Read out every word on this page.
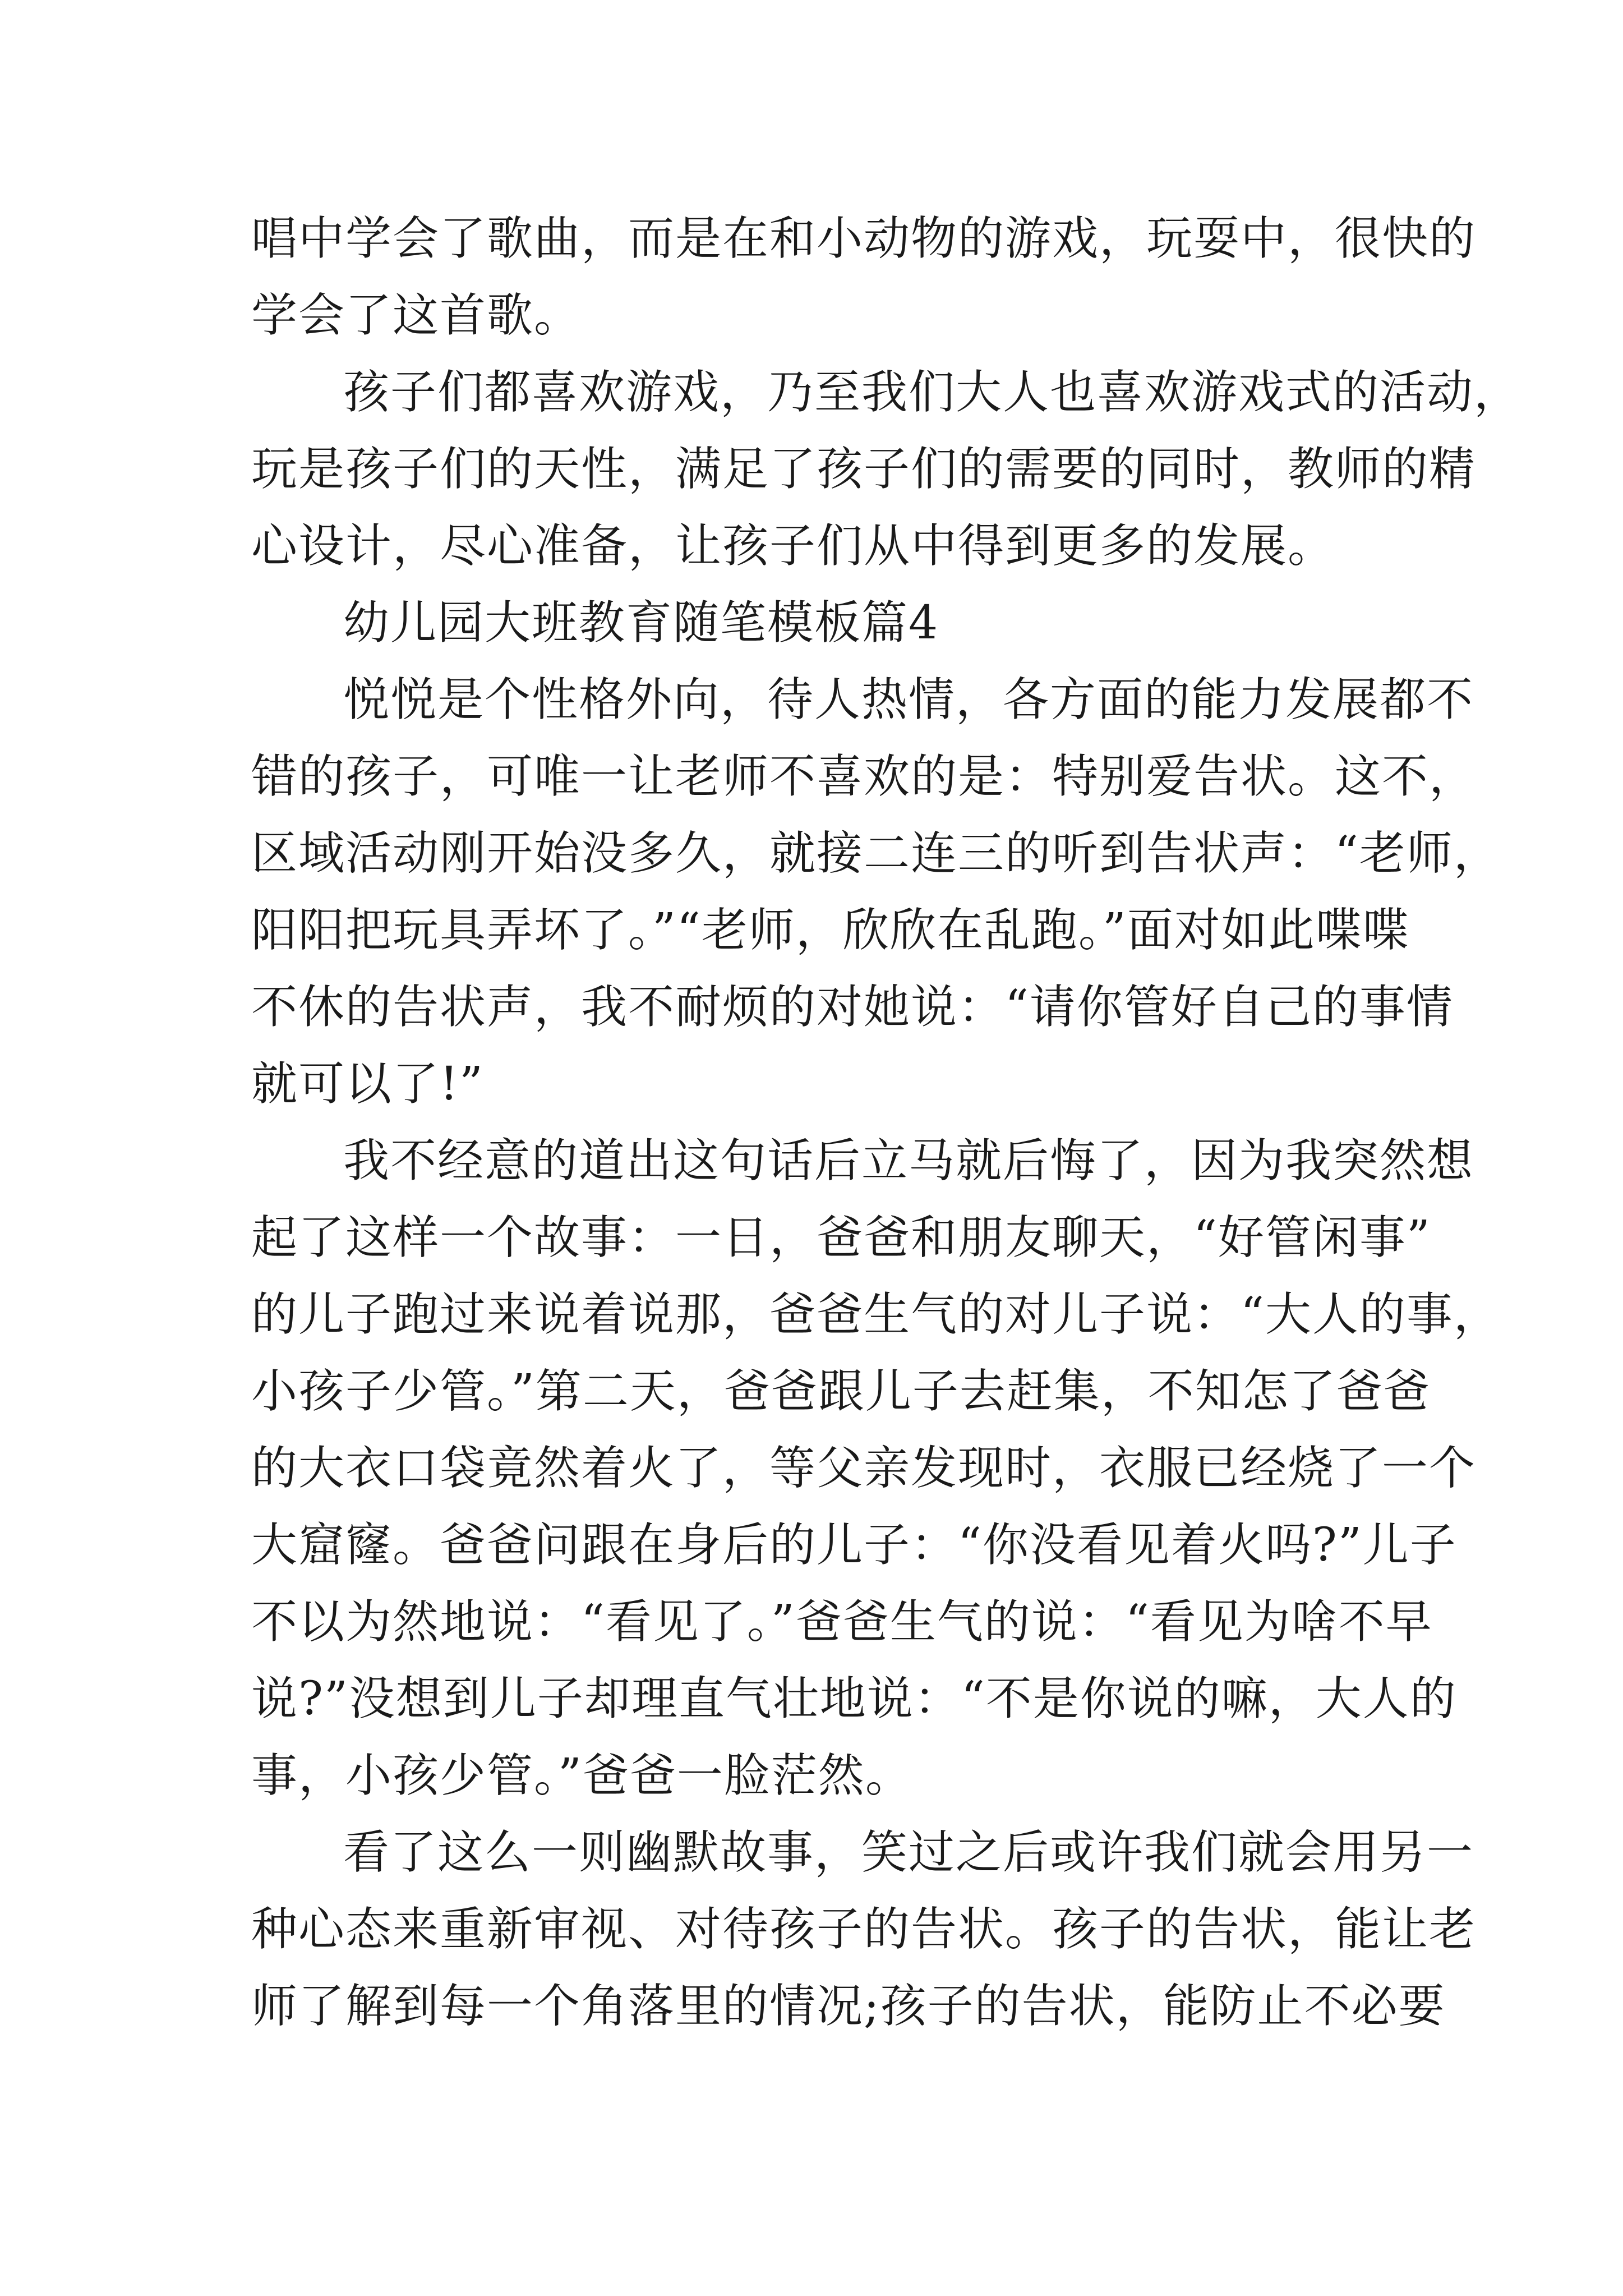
唱中学会了歌曲，而是在和小动物的游戏，玩耍中，很快的
学会了这首歌。
孩子们都喜欢游戏，乃至我们大人也喜欢游戏式的活动，
玩是孩子们的天性，满足了孩子们的需要的同时，教师的精
心设计，尽心准备，让孩子们从中得到更多的发展。
幼儿园大班教育随笔模板篇4
悦悦是个性格外向，待人热情，各方面的能力发展都不
错的孩子，可唯一让老师不喜欢的是：特别爱告状。这不，
区域活动刚开始没多久，就接二连三的听到告状声：“老师，
阳阳把玩具弄坏了。”“老师，欣欣在乱跑。”面对如此喋喋
不休的告状声，我不耐烦的对她说：“请你管好自己的事情
就可以了!”
我不经意的道出这句话后立马就后悔了，因为我突然想
起了这样一个故事：一日，爸爸和朋友聊天，“好管闲事”
的儿子跑过来说着说那，爸爸生气的对儿子说：“大人的事，
小孩子少管。”第二天，爸爸跟儿子去赶集，不知怎了爸爸
的大衣口袋竟然着火了，等父亲发现时，衣服已经烧了一个
大窟窿。爸爸问跟在身后的儿子：“你没看见着火吗?”儿子
不以为然地说：“看见了。”爸爸生气的说：“看见为啥不早
说?”没想到儿子却理直气壮地说：“不是你说的嘛，大人的
事，小孩少管。”爸爸一脸茫然。
看了这么一则幽默故事，笑过之后或许我们就会用另一
种心态来重新审视、对待孩子的告状。孩子的告状，能让老
师了解到每一个角落里的情况;孩子的告状，能防止不必要
